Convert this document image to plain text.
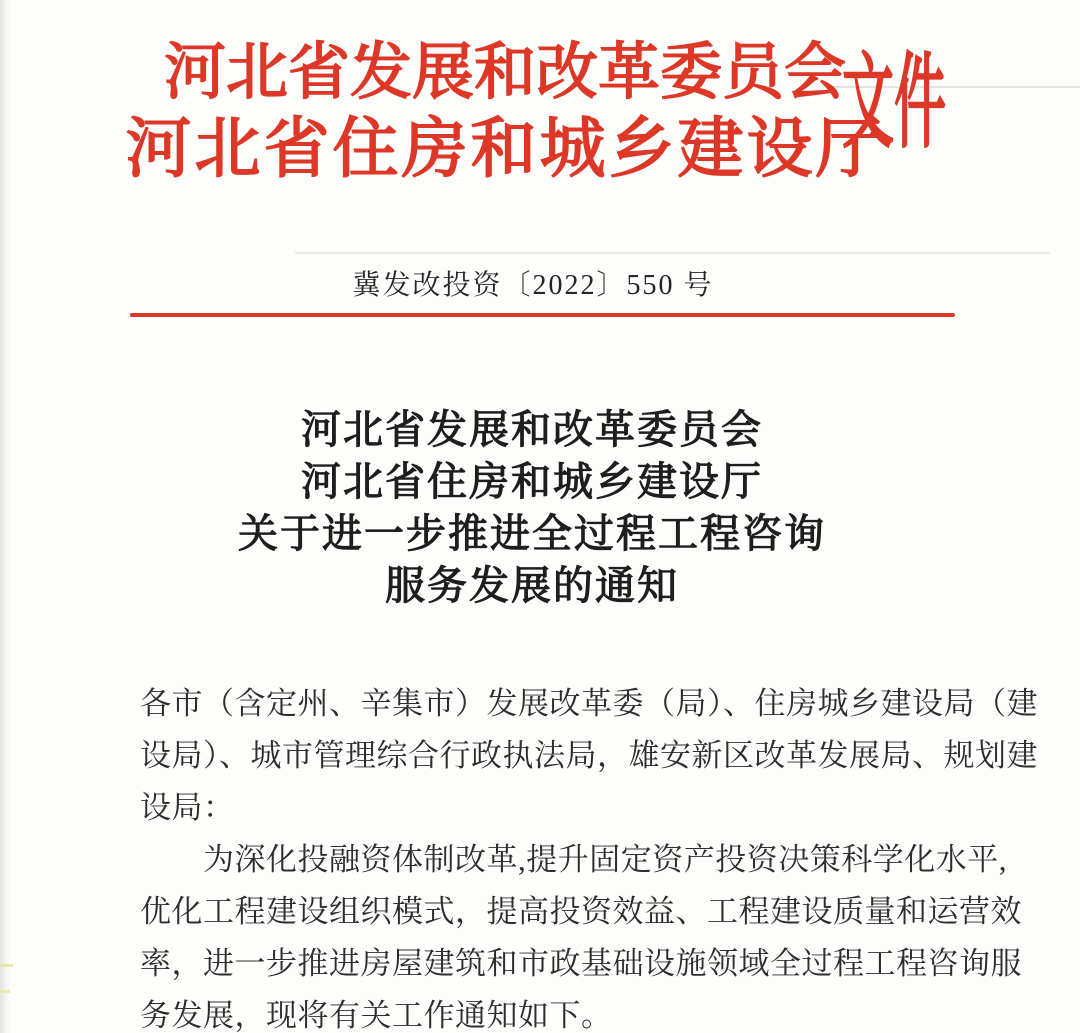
河北省发展和改革委员会
河北省住房和城乡建设厅
文件
冀发改投资〔2022〕550 号
河北省发展和改革委员会
河北省住房和城乡建设厅
关于进一步推进全过程工程咨询
服务发展的通知
各市（含定州、辛集市）发展改革委（局）、住房城乡建设局（建
设局）、城市管理综合行政执法局，雄安新区改革发展局、规划建
设局：
　　为深化投融资体制改革,提升固定资产投资决策科学化水平,
优化工程建设组织模式，提高投资效益、工程建设质量和运营效
率，进一步推进房屋建筑和市政基础设施领域全过程工程咨询服
务发展，现将有关工作通知如下。
